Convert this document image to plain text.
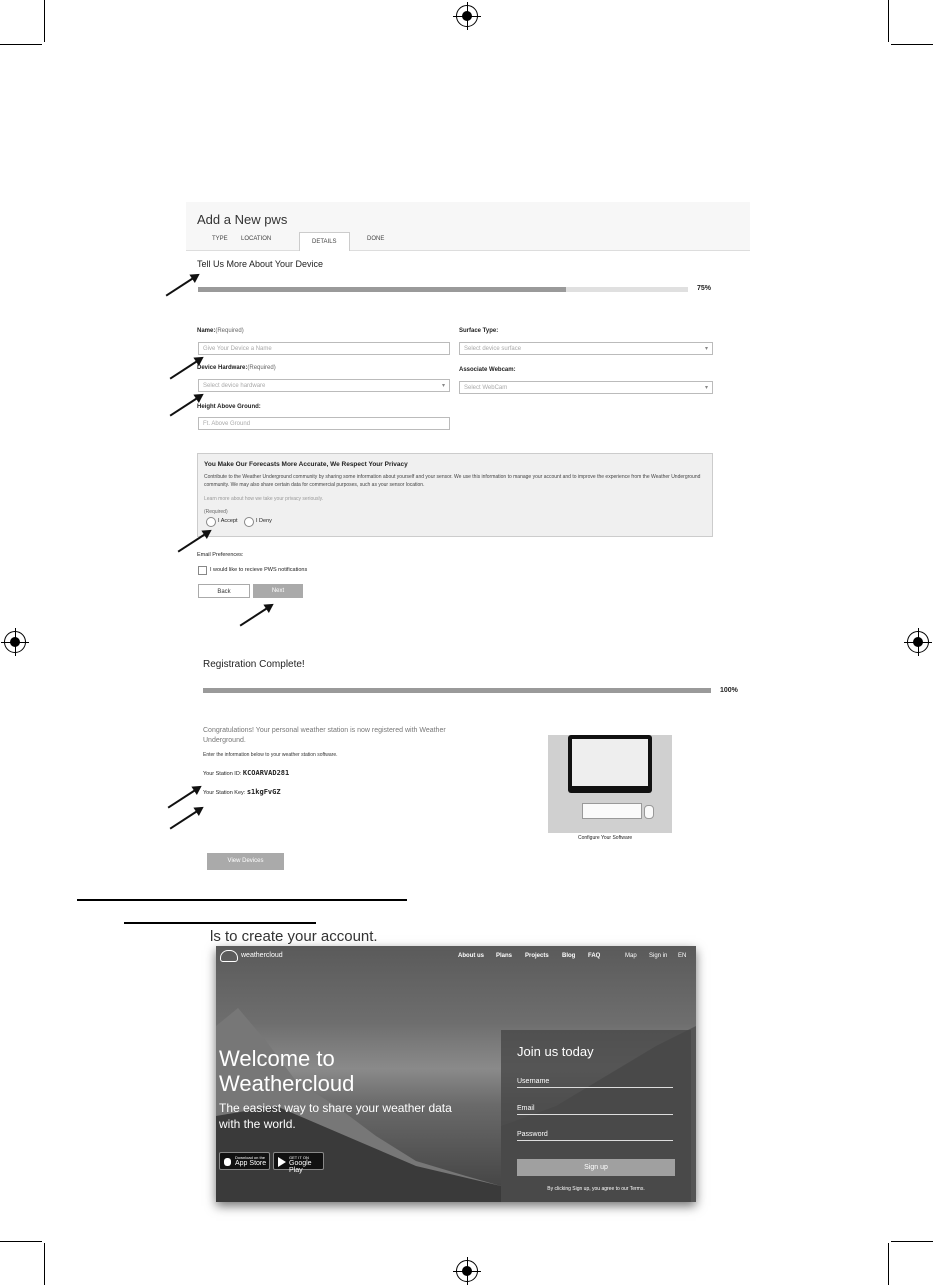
Add a New pws
TYPE LOCATION	DETAILS	DONE
Tell Us More About Your Device
75%
Name:(Required)
Give Your Device a Name
Device Hardware:(Required)
Select device hardware ▾
Height Above Ground:
Ft. Above Ground
Surface Type:
Select device surface ▾
Associate Webcam:
Select WebCam ▾
You Make Our Forecasts More Accurate, We Respect Your Privacy
Contribute to the Weather Underground community by sharing some information about yourself and your sensor. We use this information to manage your account and to improve the experience from the Weather Underground community. We may also share certain data for commercial purposes, such as your sensor location.
Learn more about how we take your privacy seriously.
(Required)
I Accept	I Deny
Email Preferences:
I would like to recieve PWS notifications
Back	Next
Registration Complete!
100%
Congratulations! Your personal weather station is now registered with Weather Underground.
Enter the information below to your weather station software.
Your Station ID: KCOARVAD281
Your Station Key: s1kgFvGZ
Configure Your Software
View Devices
ls to create your account.
weathercloud	About us Plans Projects Blog FAQ	Map Sign in EN
Welcome to Weathercloud
The easiest way to share your weather data with the world.
Download on the
App Store
GET IT ON
Google Play
Join us today
Username
Email
Password
Sign up
By clicking Sign up, you agree to our Terms.
